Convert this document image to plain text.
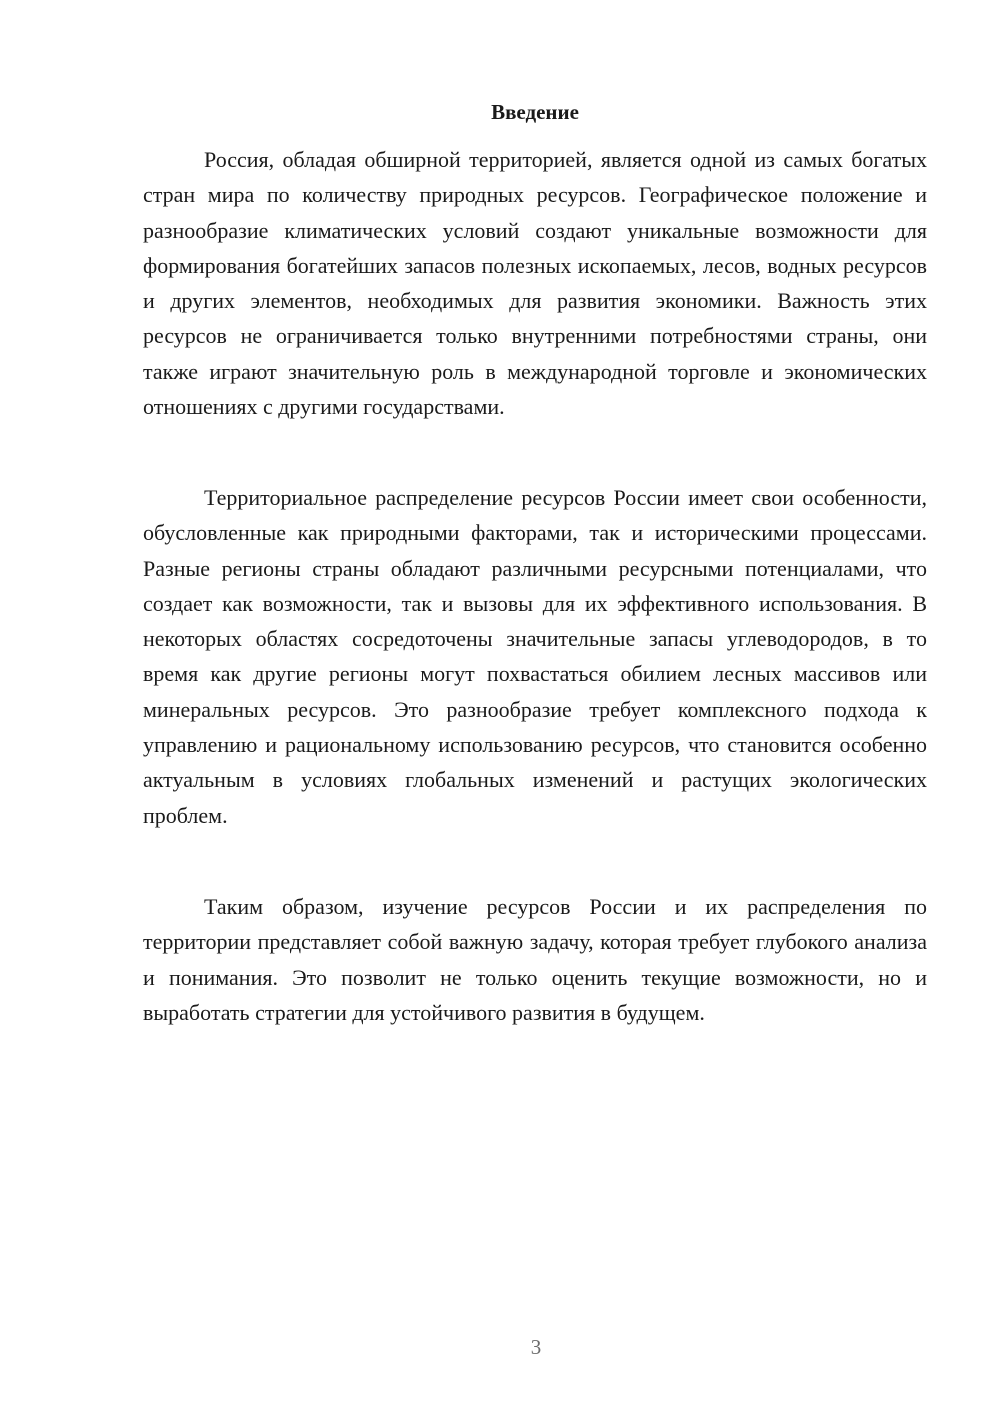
Введение

Россия, обладая обширной территорией, является одной из самых богатых стран мира по количеству природных ресурсов. Географическое положение и разнообразие климатических условий создают уникальные возможности для формирования богатейших запасов полезных ископаемых, лесов, водных ресурсов и других элементов, необходимых для развития экономики. Важность этих ресурсов не ограничивается только внутренними потребностями страны, они также играют значительную роль в международной торговле и экономических отношениях с другими государствами.

Территориальное распределение ресурсов России имеет свои особенности, обусловленные как природными факторами, так и историческими процессами. Разные регионы страны обладают различными ресурсными потенциалами, что создает как возможности, так и вызовы для их эффективного использования. В некоторых областях сосредоточены значительные запасы углеводородов, в то время как другие регионы могут похвастаться обилием лесных массивов или минеральных ресурсов. Это разнообразие требует комплексного подхода к управлению и рациональному использованию ресурсов, что становится особенно актуальным в условиях глобальных изменений и растущих экологических проблем.

Таким образом, изучение ресурсов России и их распределения по территории представляет собой важную задачу, которая требует глубокого анализа и понимания. Это позволит не только оценить текущие возможности, но и выработать стратегии для устойчивого развития в будущем.

3
